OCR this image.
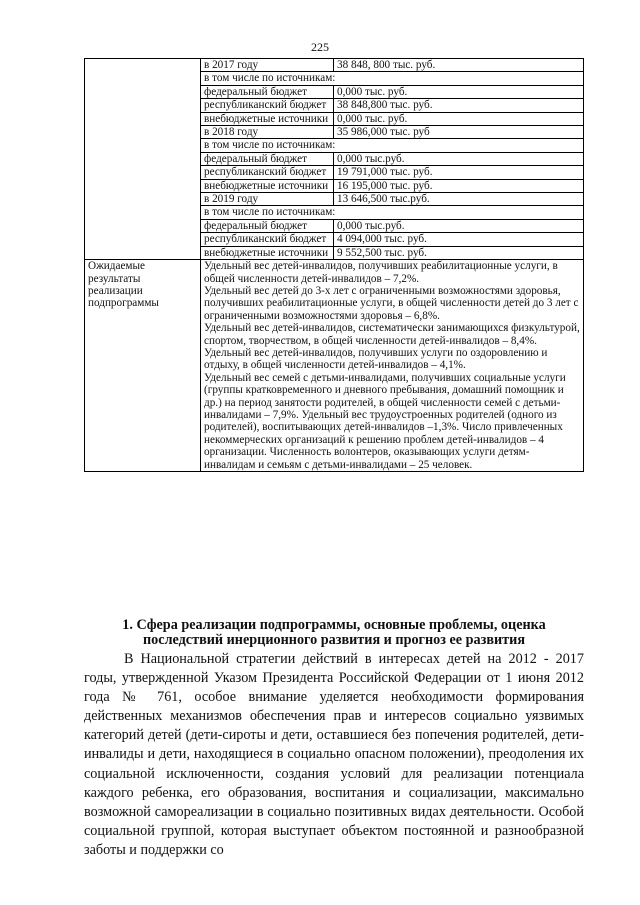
225
	в 2017 году	38 848, 800 тыс. руб.
	в том числе по источникам:	
	федеральный бюджет	0,000 тыс. руб.
	республиканский бюджет	38 848,800 тыс. руб.
	внебюджетные источники	0,000 тыс. руб.
	в 2018 году	35 986,000 тыс. руб
	в том числе по источникам:	
	федеральный бюджет	0,000 тыс.руб.
	республиканский бюджет	19 791,000 тыс. руб.
	внебюджетные источники	16 195,000 тыс. руб.
	в 2019 году	13 646,500 тыс.руб.
	в том числе по источникам:	
	федеральный бюджет	0,000 тыс.руб.
	республиканский бюджет	4 094,000 тыс. руб.
	внебюджетные источники	9 552,500 тыс. руб.
Ожидаемые результаты реализации подпрограммы	Удельный вес детей-инвалидов, получивших реабилитационные услуги, в общей численности детей-инвалидов – 7,2%.

Удельный вес детей до 3-х лет с ограниченными возможностями здоровья, получивших реабилитационные услуги, в общей численности детей до 3 лет с ограниченными возможностями здоровья – 6,8%.

Удельный вес детей-инвалидов, систематически занимающихся физкультурой, спортом, творчеством, в общей численности детей-инвалидов – 8,4%. Удельный вес детей-инвалидов, получивших услуги по оздоровлению и отдыху, в общей численности детей-инвалидов – 4,1%.

Удельный вес семей с детьми-инвалидами, получивших социальные услуги (группы кратковременного и дневного пребывания, домашний помощник и др.) на период занятости родителей, в общей численности семей с детьми-инвалидами – 7,9%. Удельный вес трудоустроенных родителей (одного из родителей), воспитывающих детей-инвалидов –1,3%. Число привлеченных некоммерческих организаций к решению проблем детей-инвалидов – 4 организации. Численность волонтеров, оказывающих услуги детям-инвалидам и семьям с детьми-инвалидами – 25 человек.	

1. Сфера реализации подпрограммы, основные проблемы, оценка последствий инерционного развития и прогноз ее развития

В Национальной стратегии действий в интересах детей на 2012 - 2017 годы, утвержденной Указом Президента Российской Федерации от 1 июня 2012 года № 761, особое внимание уделяется необходимости формирования действенных механизмов обеспечения прав и интересов социально уязвимых категорий детей (дети-сироты и дети, оставшиеся без попечения родителей, дети-инвалиды и дети, находящиеся в социально опасном положении), преодоления их социальной исключенности, создания условий для реализации потенциала каждого ребенка, его образования, воспитания и социализации, максимально возможной самореализации в социально позитивных видах деятельности. Особой социальной группой, которая выступает объектом постоянной и разнообразной заботы и поддержки со
